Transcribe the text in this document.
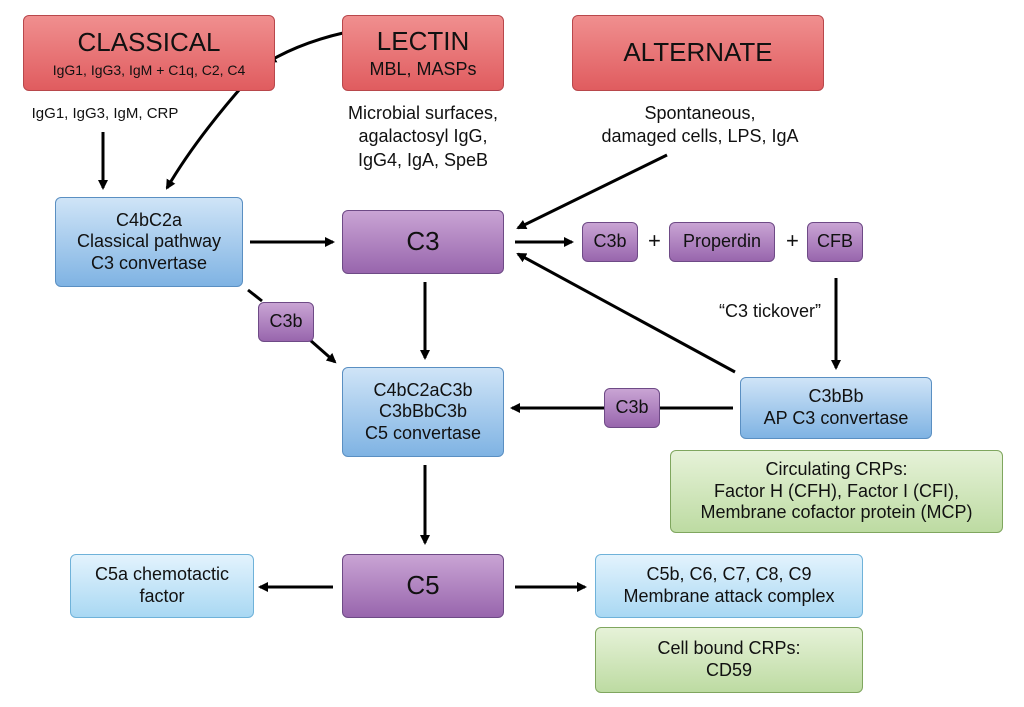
CLASSICAL
IgG1, IgG3, IgM + C1q, C2, C4
LECTIN
MBL, MASPs
ALTERNATE
IgG1, IgG3, IgM, CRP	Microbial surfaces,
agalactosyl IgG,
IgG4, IgA, SpeB
Spontaneous,
damaged cells, LPS, IgA
C4bC2a
Classical pathway
C3 convertase
C3	C3b + Properdin + CFB
“C3 tickover”
C3b
C4bC2aC3b
C3bBbC3b
C5 convertase
C3b
C3bBb
AP C3 convertase
Circulating CRPs:
Factor H (CFH), Factor I (CFI),
Membrane cofactor protein (MCP)
C5
C5a chemotactic
factor
C5b, C6, C7, C8, C9
Membrane attack complex
Cell bound CRPs:
CD59
